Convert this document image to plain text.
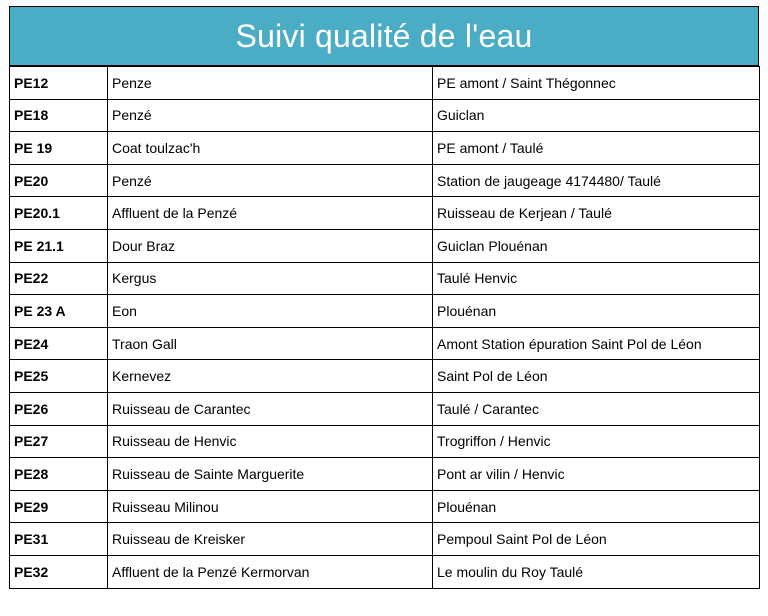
Suivi qualité de l'eau
PE12	Penze	PE amont / Saint Thégonnec
PE18	Penzé	Guiclan
PE 19	Coat toulzac'h	PE amont / Taulé
PE20	Penzé	Station de jaugeage 4174480/ Taulé
PE20.1	Affluent de la Penzé	Ruisseau de Kerjean / Taulé
PE 21.1	Dour Braz	Guiclan Plouénan
PE22	Kergus	Taulé Henvic
PE 23 A	Eon	Plouénan
PE24	Traon Gall	Amont Station épuration Saint Pol de Léon
PE25	Kernevez	Saint Pol de Léon
PE26	Ruisseau de Carantec	Taulé / Carantec
PE27	Ruisseau de Henvic	Trogriffon / Henvic
PE28	Ruisseau de Sainte Marguerite	Pont ar vilin / Henvic
PE29	Ruisseau Milinou	Plouénan
PE31	Ruisseau de Kreisker	Pempoul Saint Pol de Léon
PE32	Affluent de la Penzé Kermorvan	Le moulin du Roy Taulé
